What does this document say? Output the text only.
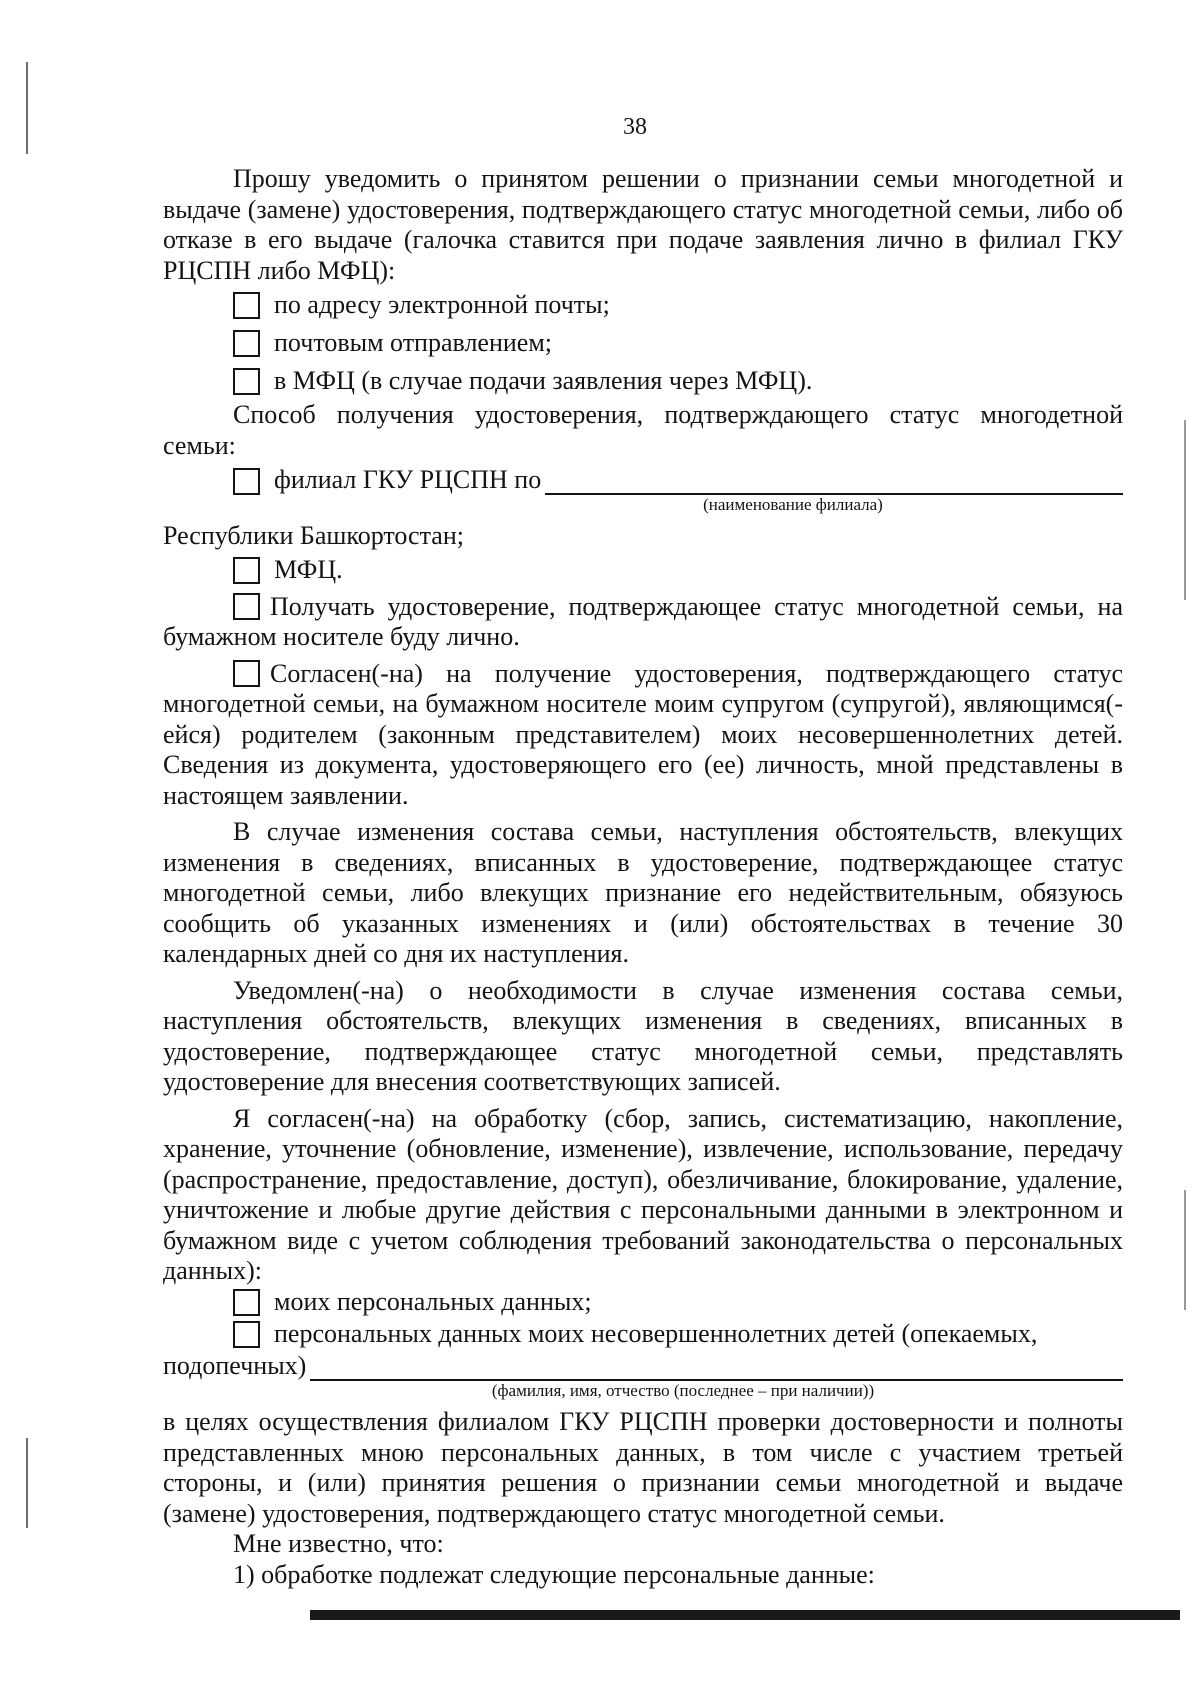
38

Прошу уведомить о принятом решении о признании семьи многодетной и выдаче (замене) удостоверения, подтверждающего статус многодетной семьи, либо об отказе в его выдаче (галочка ставится при подаче заявления лично в филиал ГКУ РЦСПН либо МФЦ):

по адресу электронной почты;
почтовым отправлением;
в МФЦ (в случае подачи заявления через МФЦ).

Способ получения удостоверения, подтверждающего статус многодетной семьи:

филиал ГКУ РЦСПН по
(наименование филиала)

Республики Башкортостан;

МФЦ.

Получать удостоверение, подтверждающее статус многодетной семьи, на бумажном носителе буду лично.

Согласен(-на) на получение удостоверения, подтверждающего статус многодетной семьи, на бумажном носителе моим супругом (супругой), являющимся(-ейся) родителем (законным представителем) моих несовершеннолетних детей. Сведения из документа, удостоверяющего его (ее) личность, мной представлены в настоящем заявлении.

В случае изменения состава семьи, наступления обстоятельств, влекущих изменения в сведениях, вписанных в удостоверение, подтверждающее статус многодетной семьи, либо влекущих признание его недействительным, обязуюсь сообщить об указанных изменениях и (или) обстоятельствах в течение 30 календарных дней со дня их наступления.

Уведомлен(-на) о необходимости в случае изменения состава семьи, наступления обстоятельств, влекущих изменения в сведениях, вписанных в удостоверение, подтверждающее статус многодетной семьи, представлять удостоверение для внесения соответствующих записей.

Я согласен(-на) на обработку (сбор, запись, систематизацию, накопление, хранение, уточнение (обновление, изменение), извлечение, использование, передачу (распространение, предоставление, доступ), обезличивание, блокирование, удаление, уничтожение и любые другие действия с персональными данными в электронном и бумажном виде с учетом соблюдения требований законодательства о персональных данных):

моих персональных данных;
персональных данных моих несовершеннолетних детей (опекаемых,
подопечных)
(фамилия, имя, отчество (последнее – при наличии))

в целях осуществления филиалом ГКУ РЦСПН проверки достоверности и полноты представленных мною персональных данных, в том числе с участием третьей стороны, и (или) принятия решения о признании семьи многодетной и выдаче (замене) удостоверения, подтверждающего статус многодетной семьи.

Мне известно, что:

1) обработке подлежат следующие персональные данные:
